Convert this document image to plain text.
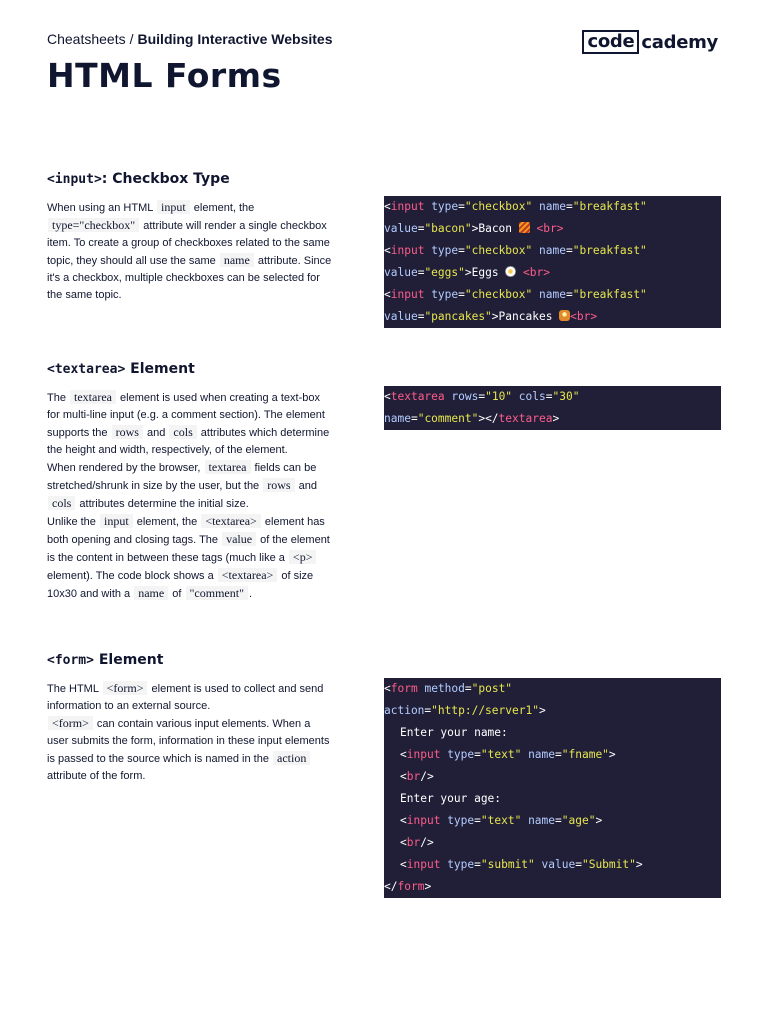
Cheatsheets / Building Interactive Websites
HTML Forms
code cademy
<input>: Checkbox Type

When using an HTML input element, the type="checkbox" attribute will render a single checkbox item. To create a group of checkboxes related to the same topic, they should all use the same name attribute. Since it's a checkbox, multiple checkboxes can be selected for the same topic.

<input type="checkbox" name="breakfast"
value="bacon">Bacon  <br>
<input type="checkbox" name="breakfast"
value="eggs">Eggs  <br>
<input type="checkbox" name="breakfast"
value="pancakes">Pancakes <br>
<textarea> Element

The textarea element is used when creating a text-box for multi-line input (e.g. a comment section). The element supports the rows and cols attributes which determine the height and width, respectively, of the element.

When rendered by the browser, textarea fields can be stretched/shrunk in size by the user, but the rows and cols attributes determine the initial size.

Unlike the input element, the <textarea> element has both opening and closing tags. The value of the element is the content in between these tags (much like a <p> element). The code block shows a <textarea> of size 10x30 and with a name of "comment" .

<textarea rows="10" cols="30"
name="comment"></textarea>
<form> Element

The HTML <form> element is used to collect and send information to an external source.

<form> can contain various input elements. When a user submits the form, information in these input elements is passed to the source which is named in the action attribute of the form.

<form method="post"
action="http://server1">
Enter your name:
<input type="text" name="fname">
<br/>
Enter your age:
<input type="text" name="age">
<br/>
<input type="submit" value="Submit">
</form>
